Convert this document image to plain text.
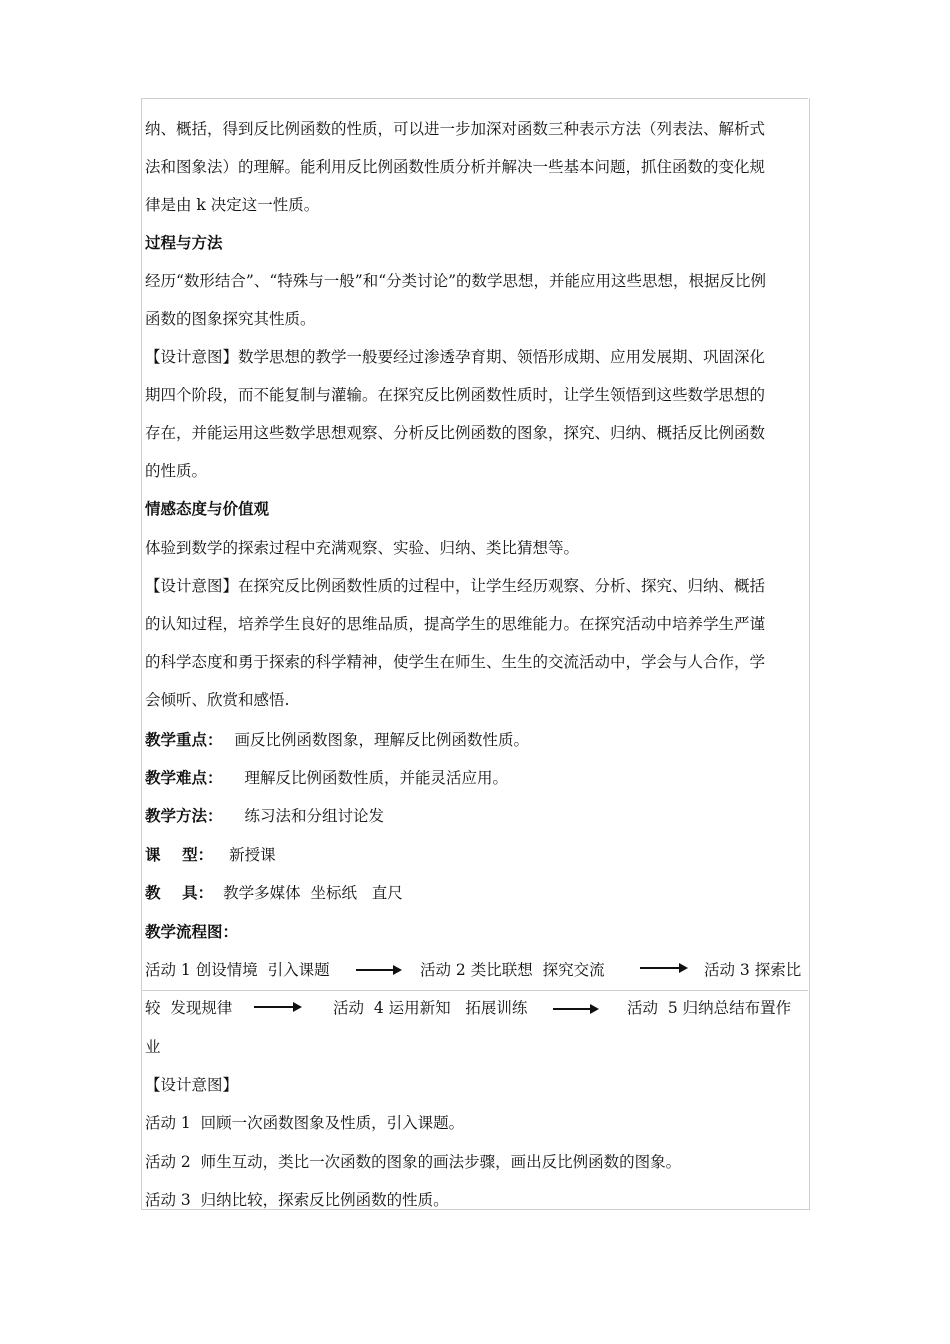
纳、概括，得到反比例函数的性质，可以进一步加深对函数三种表示方法（列表法、解析式
法和图象法）的理解。能利用反比例函数性质分析并解决一些基本问题，抓住函数的变化规
律是由 k 决定这一性质。
过程与方法
经历“数形结合”、“特殊与一般”和“分类讨论”的数学思想，并能应用这些思想，根据反比例
函数的图象探究其性质。
【设计意图】数学思想的教学一般要经过渗透孕育期、领悟形成期、应用发展期、巩固深化
期四个阶段，而不能复制与灌输。在探究反比例函数性质时，让学生领悟到这些数学思想的
存在，并能运用这些数学思想观察、分析反比例函数的图象，探究、归纳、概括反比例函数
的性质。
情感态度与价值观
体验到数学的探索过程中充满观察、实验、归纳、类比猜想等。
【设计意图】在探究反比例函数性质的过程中，让学生经历观察、分析、探究、归纳、概括
的认知过程，培养学生良好的思维品质，提高学生的思维能力。在探究活动中培养学生严谨
的科学态度和勇于探索的科学精神，使学生在师生、生生的交流活动中，学会与人合作，学
会倾听、欣赏和感悟.
教学重点： 画反比例函数图象，理解反比例函数性质。
教学难点： 理解反比例函数性质，并能灵活应用。
教学方法： 练习法和分组讨论发
课    型： 新授课
教    具： 教学多媒体  坐标纸   直尺
教学流程图：
活动 1 创设情境  引入课题	活动 2 类比联想  探究交流	活动 3 探索比
较  发现规律	活动  4 运用新知   拓展训练	活动  5 归纳总结布置作
业
【设计意图】
活动 1  回顾一次函数图象及性质，引入课题。
活动 2  师生互动，类比一次函数的图象的画法步骤，画出反比例函数的图象。
活动 3  归纳比较，探索反比例函数的性质。
